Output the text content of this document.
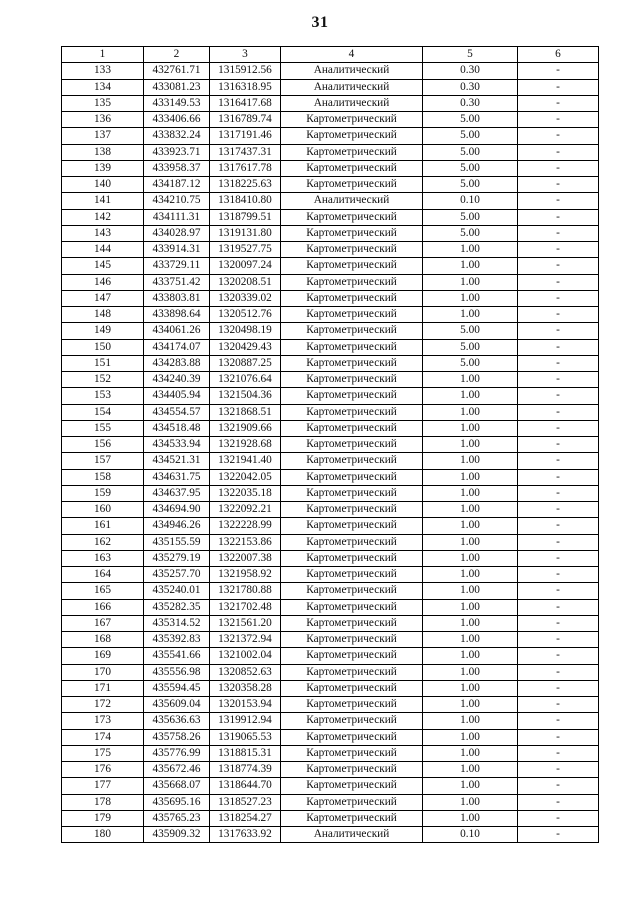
31
1	2	3	4	5	6
133	432761.71	1315912.56	Аналитический	0.30	-
134	433081.23	1316318.95	Аналитический	0.30	-
135	433149.53	1316417.68	Аналитический	0.30	-
136	433406.66	1316789.74	Картометрический	5.00	-
137	433832.24	1317191.46	Картометрический	5.00	-
138	433923.71	1317437.31	Картометрический	5.00	-
139	433958.37	1317617.78	Картометрический	5.00	-
140	434187.12	1318225.63	Картометрический	5.00	-
141	434210.75	1318410.80	Аналитический	0.10	-
142	434111.31	1318799.51	Картометрический	5.00	-
143	434028.97	1319131.80	Картометрический	5.00	-
144	433914.31	1319527.75	Картометрический	1.00	-
145	433729.11	1320097.24	Картометрический	1.00	-
146	433751.42	1320208.51	Картометрический	1.00	-
147	433803.81	1320339.02	Картометрический	1.00	-
148	433898.64	1320512.76	Картометрический	1.00	-
149	434061.26	1320498.19	Картометрический	5.00	-
150	434174.07	1320429.43	Картометрический	5.00	-
151	434283.88	1320887.25	Картометрический	5.00	-
152	434240.39	1321076.64	Картометрический	1.00	-
153	434405.94	1321504.36	Картометрический	1.00	-
154	434554.57	1321868.51	Картометрический	1.00	-
155	434518.48	1321909.66	Картометрический	1.00	-
156	434533.94	1321928.68	Картометрический	1.00	-
157	434521.31	1321941.40	Картометрический	1.00	-
158	434631.75	1322042.05	Картометрический	1.00	-
159	434637.95	1322035.18	Картометрический	1.00	-
160	434694.90	1322092.21	Картометрический	1.00	-
161	434946.26	1322228.99	Картометрический	1.00	-
162	435155.59	1322153.86	Картометрический	1.00	-
163	435279.19	1322007.38	Картометрический	1.00	-
164	435257.70	1321958.92	Картометрический	1.00	-
165	435240.01	1321780.88	Картометрический	1.00	-
166	435282.35	1321702.48	Картометрический	1.00	-
167	435314.52	1321561.20	Картометрический	1.00	-
168	435392.83	1321372.94	Картометрический	1.00	-
169	435541.66	1321002.04	Картометрический	1.00	-
170	435556.98	1320852.63	Картометрический	1.00	-
171	435594.45	1320358.28	Картометрический	1.00	-
172	435609.04	1320153.94	Картометрический	1.00	-
173	435636.63	1319912.94	Картометрический	1.00	-
174	435758.26	1319065.53	Картометрический	1.00	-
175	435776.99	1318815.31	Картометрический	1.00	-
176	435672.46	1318774.39	Картометрический	1.00	-
177	435668.07	1318644.70	Картометрический	1.00	-
178	435695.16	1318527.23	Картометрический	1.00	-
179	435765.23	1318254.27	Картометрический	1.00	-
180	435909.32	1317633.92	Аналитический	0.10	-
